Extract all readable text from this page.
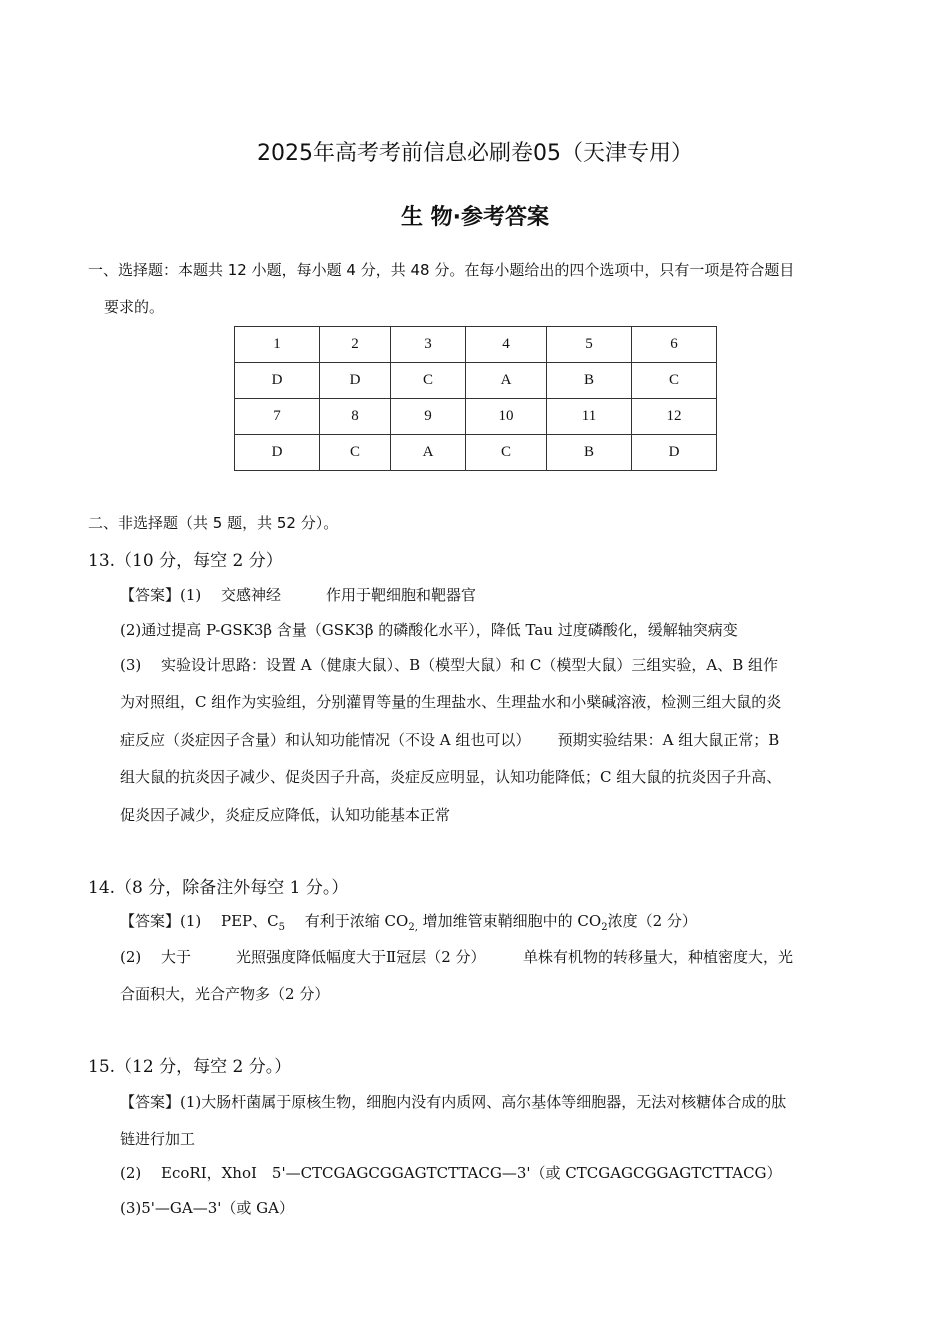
2025年高考考前信息必刷卷05（天津专用）
生 物·参考答案
一、选择题：本题共 12 小题，每小题 4 分，共 48 分。在每小题给出的四个选项中，只有一项是符合题目
要求的。
1	2	3	4	5	6
D	D	C	A	B	C
7	8	9	10	11	12
D	C	A	C	B	D
二、非选择题（共 5 题，共 52 分）。
13.（10 分，每空 2 分）
【答案】(1)　 交感神经　　　作用于靶细胞和靶器官
(2)通过提高 P-GSK3β 含量（GSK3β 的磷酸化水平），降低 Tau 过度磷酸化，缓解轴突病变
(3)　 实验设计思路：设置 A（健康大鼠）、B（模型大鼠）和 C（模型大鼠）三组实验，A、B 组作
为对照组，C 组作为实验组，分别灌胃等量的生理盐水、生理盐水和小檗碱溶液，检测三组大鼠的炎
症反应（炎症因子含量）和认知功能情况（不设 A 组也可以）　　 预期实验结果：A 组大鼠正常；B
组大鼠的抗炎因子减少、促炎因子升高，炎症反应明显，认知功能降低；C 组大鼠的抗炎因子升高、
促炎因子减少，炎症反应降低，认知功能基本正常
14.（8 分，除备注外每空 1 分。）
【答案】(1)　 PEP、$C_5$　 有利于浓缩 $CO_{2,}$ 增加维管束鞘细胞中的 $CO_2$浓度（2 分）
(2)　 大于　　　光照强度降低幅度大于Ⅱ冠层（2 分）　　　单株有机物的转移量大，种植密度大，光
合面积大，光合产物多（2 分）
15.（12 分，每空 2 分。）
【答案】(1)大肠杆菌属于原核生物，细胞内没有内质网、高尔基体等细胞器，无法对核糖体合成的肽
链进行加工
(2)　 EcoRⅠ，XhoⅠ　5'—CTCGAGCGGAGTCTTACG—3'（或 CTCGAGCGGAGTCTTACG）
(3)5'—GA—3'（或 GA）
